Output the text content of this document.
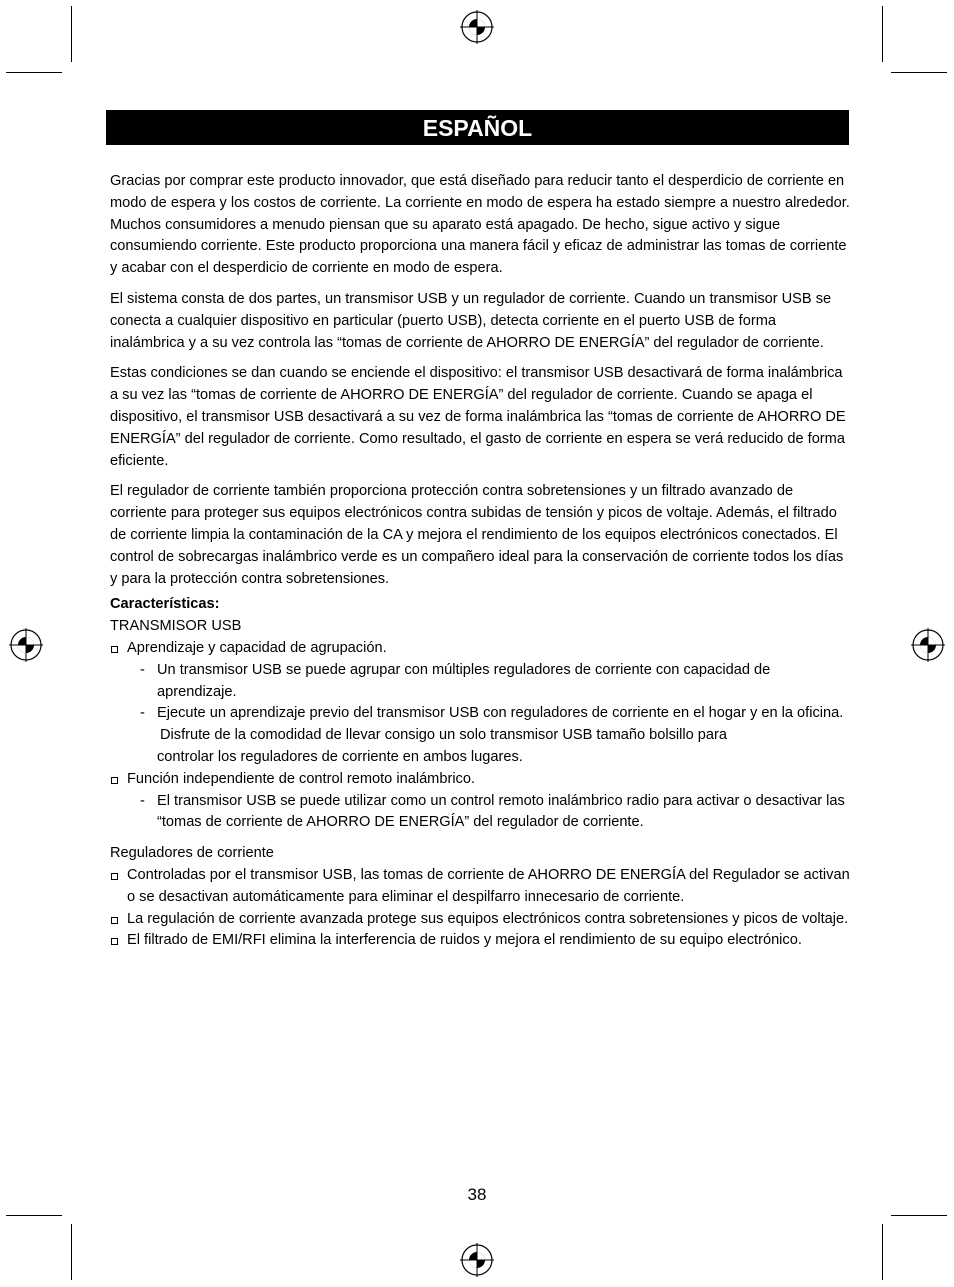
ESPAÑOL

Gracias por comprar este producto innovador, que está diseñado para reducir tanto el desperdicio de corriente en modo de espera y los costos de corriente. La corriente en modo de espera ha estado siempre a nuestro alrededor. Muchos consumidores a menudo piensan que su aparato está apagado. De hecho, sigue activo y sigue consumiendo corriente. Este producto proporciona una manera fácil y eficaz de administrar las tomas de corriente y acabar con el desperdicio de corriente en modo de espera.

El sistema consta de dos partes, un transmisor USB y un regulador de corriente. Cuando un transmisor USB se conecta a cualquier dispositivo en particular (puerto USB), detecta corriente en el puerto USB de forma inalámbrica y a su vez controla las “tomas de corriente de AHORRO DE ENERGÍA” del regulador de corriente.

Estas condiciones se dan cuando se enciende el dispositivo: el transmisor USB desactivará de forma inalámbrica a su vez las “tomas de corriente de AHORRO DE ENERGÍA” del regulador de corriente. Cuando se apaga el dispositivo, el transmisor USB desactivará a su vez de forma inalámbrica las “tomas de corriente de AHORRO DE ENERGÍA” del regulador de corriente. Como resultado, el gasto de corriente en espera se verá reducido de forma eficiente.

El regulador de corriente también proporciona protección contra sobretensiones y un filtrado avanzado de corriente para proteger sus equipos electrónicos contra subidas de tensión y picos de voltaje. Además, el filtrado de corriente limpia la contaminación de la CA y mejora el rendimiento de los equipos electrónicos conectados. El control de sobrecargas inalámbrico verde es un compañero ideal para la conservación de corriente todos los días y para la protección contra sobretensiones.

Características:
TRANSMISOR USB
Aprendizaje y capacidad de agrupación.
- Un transmisor USB se puede agrupar con múltiples reguladores de corriente con capacidad de aprendizaje.
- Ejecute un aprendizaje previo del transmisor USB con reguladores de corriente en el hogar y en la oficina.
Disfrute de la comodidad de llevar consigo un solo transmisor USB tamaño bolsillo para
controlar los reguladores de corriente en ambos lugares.
Función independiente de control remoto inalámbrico.
- El transmisor USB se puede utilizar como un control remoto inalámbrico radio para activar o desactivar las “tomas de corriente de AHORRO DE ENERGÍA” del regulador de corriente.
Reguladores de corriente
Controladas por el transmisor USB, las tomas de corriente de AHORRO DE ENERGÍA del Regulador se activan o se desactivan automáticamente para eliminar el despilfarro innecesario de corriente.
La regulación de corriente avanzada protege sus equipos electrónicos contra sobretensiones y picos de voltaje.
El filtrado de EMI/RFI elimina la interferencia de ruidos y mejora el rendimiento de su equipo electrónico.
38
